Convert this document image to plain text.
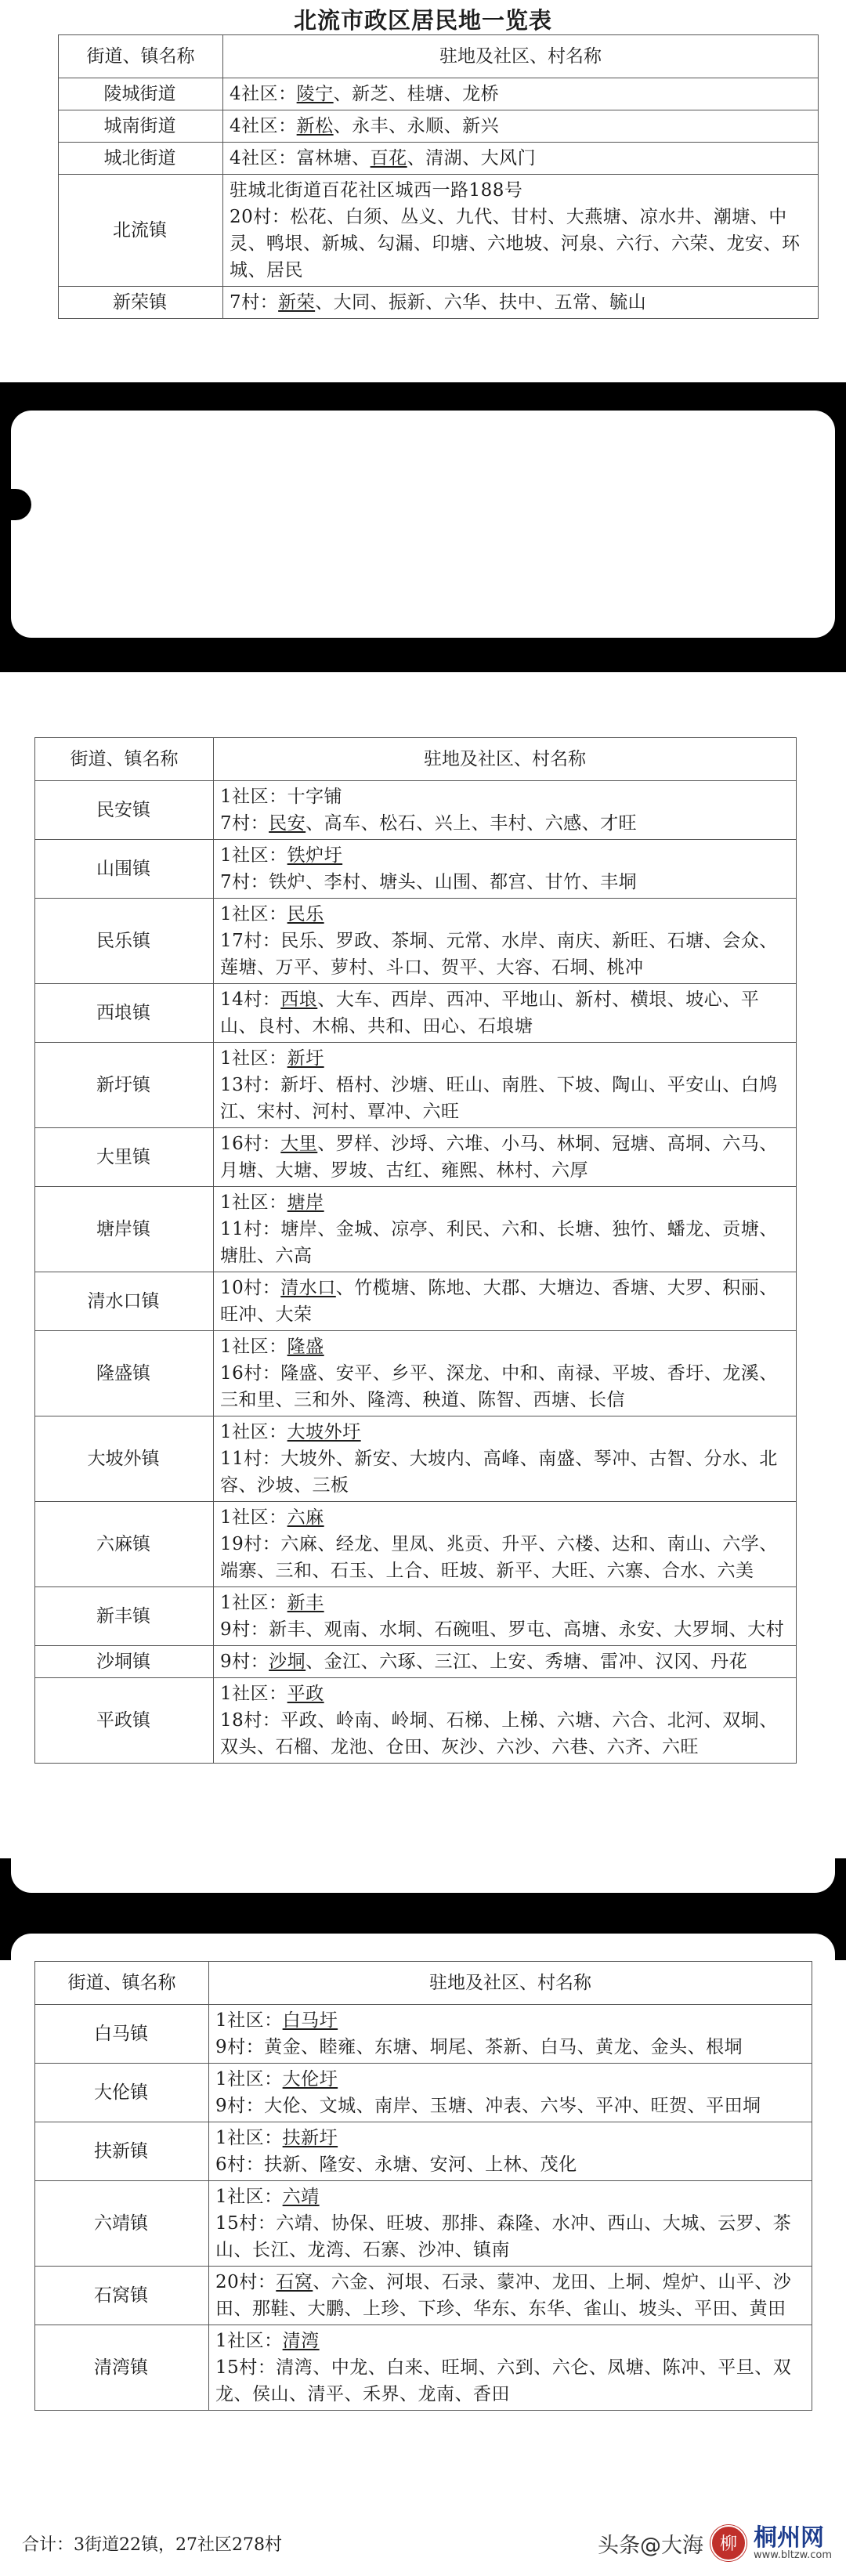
北流市政区居民地一览表
街道、镇名称	驻地及社区、村名称
陵城街道	4社区：陵宁、新芝、桂塘、龙桥

城南街道	4社区：新松、永丰、永顺、新兴

城北街道	4社区：富林塘、百花、清湖、大风门

北流镇	驻城北街道百花社区城西一路188号
20村：松花、白须、丛义、九代、甘村、大燕塘、凉水井、潮塘、中灵、鸭垠、新城、勾漏、印塘、六地坡、河泉、六行、六荣、龙安、环城、居民

新荣镇	7村：新荣、大同、振新、六华、扶中、五常、毓山
街道、镇名称	驻地及社区、村名称
民安镇	1社区：十字铺
7村：民安、高车、松石、兴上、丰村、六感、才旺

山围镇	1社区：铁炉圩
7村：铁炉、李村、塘头、山围、都宫、甘竹、丰垌

民乐镇	1社区：民乐
17村：民乐、罗政、茶垌、元常、水岸、南庆、新旺、石塘、会众、莲塘、万平、萝村、斗口、贺平、大容、石垌、桃冲

西埌镇	14村：西埌、大车、西岸、西冲、平地山、新村、横垠、坡心、平山、良村、木棉、共和、田心、石埌塘

新圩镇	1社区：新圩
13村：新圩、梧村、沙塘、旺山、南胜、下坡、陶山、平安山、白鸠江、宋村、河村、覃冲、六旺

大里镇	16村：大里、罗样、沙埒、六堆、小马、林垌、冠塘、高垌、六马、月塘、大塘、罗坡、古红、雍熙、林村、六厚

塘岸镇	1社区：塘岸
11村：塘岸、金城、凉亭、利民、六和、长塘、独竹、蟠龙、贡塘、塘肚、六高

清水口镇	10村：清水口、竹榄塘、陈地、大郡、大塘边、香塘、大罗、积丽、旺冲、大荣

隆盛镇	1社区：隆盛
16村：隆盛、安平、乡平、深龙、中和、南禄、平坡、香圩、龙溪、三和里、三和外、隆湾、秧道、陈智、西塘、长信

大坡外镇	1社区：大坡外圩
11村：大坡外、新安、大坡内、高峰、南盛、琴冲、古智、分水、北容、沙坡、三板

六麻镇	1社区：六麻
19村：六麻、经龙、里凤、兆贡、升平、六楼、达和、南山、六学、端寨、三和、石玉、上合、旺坡、新平、大旺、六寨、合水、六美

新丰镇	1社区：新丰
9村：新丰、观南、水垌、石碗咀、罗屯、高塘、永安、大罗垌、大村

沙垌镇	9村：沙垌、金江、六琢、三江、上安、秀塘、雷冲、汉冈、丹花

平政镇	1社区：平政
18村：平政、岭南、岭垌、石梯、上梯、六塘、六合、北河、双垌、双头、石榴、龙池、仓田、灰沙、六沙、六巷、六齐、六旺
街道、镇名称	驻地及社区、村名称
白马镇	1社区：白马圩
9村：黄金、睦雍、东塘、垌尾、茶新、白马、黄龙、金头、根垌

大伦镇	1社区：大伦圩
9村：大伦、文城、南岸、玉塘、冲表、六岑、平冲、旺贺、平田垌

扶新镇	1社区：扶新圩
6村：扶新、隆安、永塘、安河、上林、茂化

六靖镇	1社区：六靖
15村：六靖、协保、旺坡、那排、森隆、水冲、西山、大城、云罗、茶山、长江、龙湾、石寨、沙冲、镇南

石窝镇	20村：石窝、六金、河垠、石录、蒙冲、龙田、上垌、煌炉、山平、沙田、那鞋、大鹏、上珍、下珍、华东、东华、雀山、坡头、平田、黄田

清湾镇	1社区：清湾
15村：清湾、中龙、白来、旺垌、六到、六仑、凤塘、陈冲、平旦、双龙、侯山、清平、禾界、龙南、香田
合计：3街道22镇，27社区278村	头条@大海 柳 桐州网
www.bltzw.com
